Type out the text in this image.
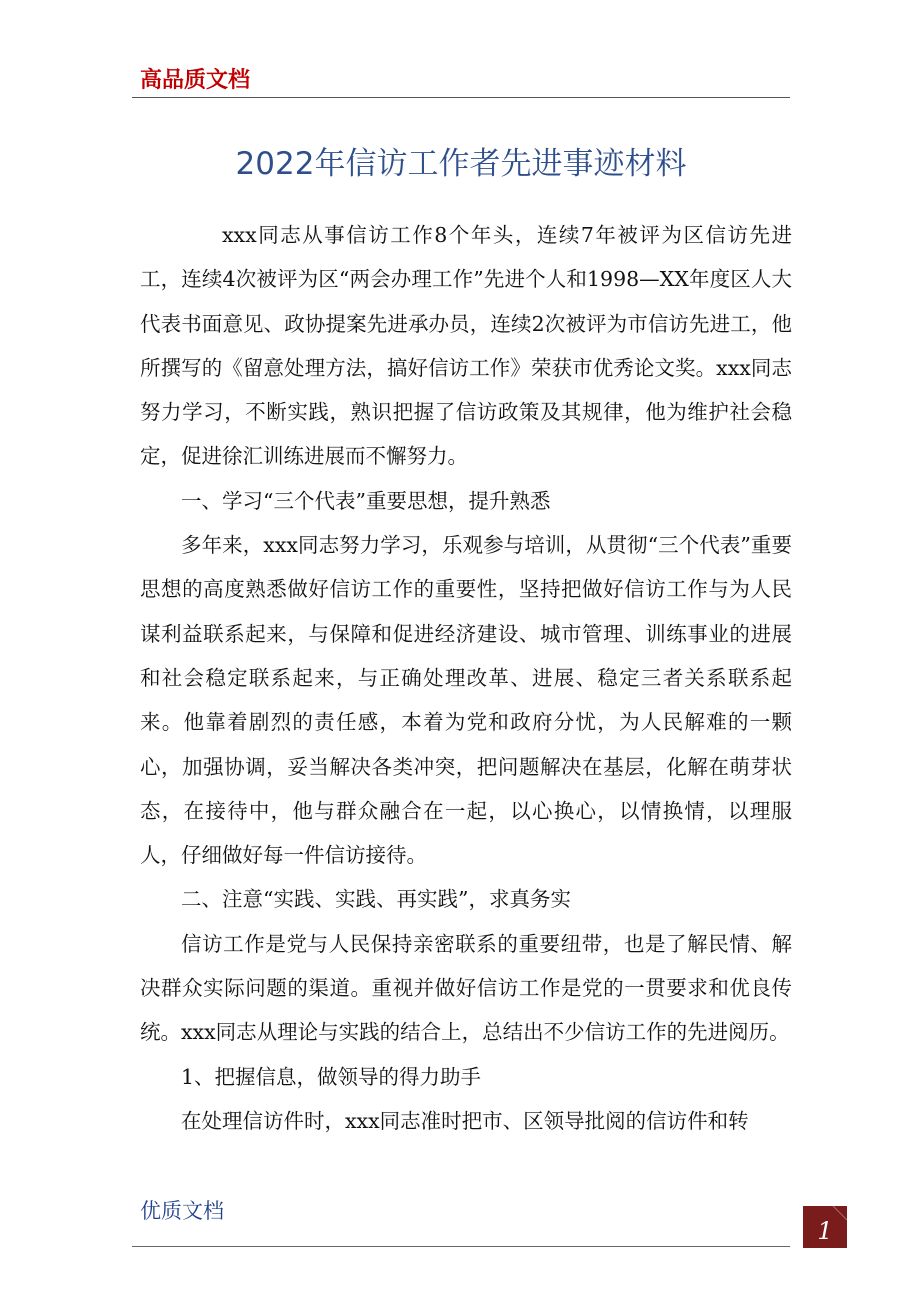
高品质文档
2022年信访工作者先进事迹材料

xxx同志从事信访工作8个年头，连续7年被评为区信访先进工，连续4次被评为区“两会办理工作”先进个人和1998—XX年度区人大代表书面意见、政协提案先进承办员，连续2次被评为市信访先进工，他所撰写的《留意处理方法，搞好信访工作》荣获市优秀论文奖。xxx同志努力学习，不断实践，熟识把握了信访政策及其规律，他为维护社会稳定，促进徐汇训练进展而不懈努力。

一、学习“三个代表”重要思想，提升熟悉

多年来，xxx同志努力学习，乐观参与培训，从贯彻“三个代表”重要思想的高度熟悉做好信访工作的重要性，坚持把做好信访工作与为人民谋利益联系起来，与保障和促进经济建设、城市管理、训练事业的进展和社会稳定联系起来，与正确处理改革、进展、稳定三者关系联系起来。他靠着剧烈的责任感，本着为党和政府分忧，为人民解难的一颗心，加强协调，妥当解决各类冲突，把问题解决在基层，化解在萌芽状态，在接待中，他与群众融合在一起，以心换心，以情换情，以理服人，仔细做好每一件信访接待。

二、注意“实践、实践、再实践”，求真务实

信访工作是党与人民保持亲密联系的重要纽带，也是了解民情、解决群众实际问题的渠道。重视并做好信访工作是党的一贯要求和优良传统。xxx同志从理论与实践的结合上，总结出不少信访工作的先进阅历。

1、把握信息，做领导的得力助手

在处理信访件时，xxx同志准时把市、区领导批阅的信访件和转

优质文档
1
